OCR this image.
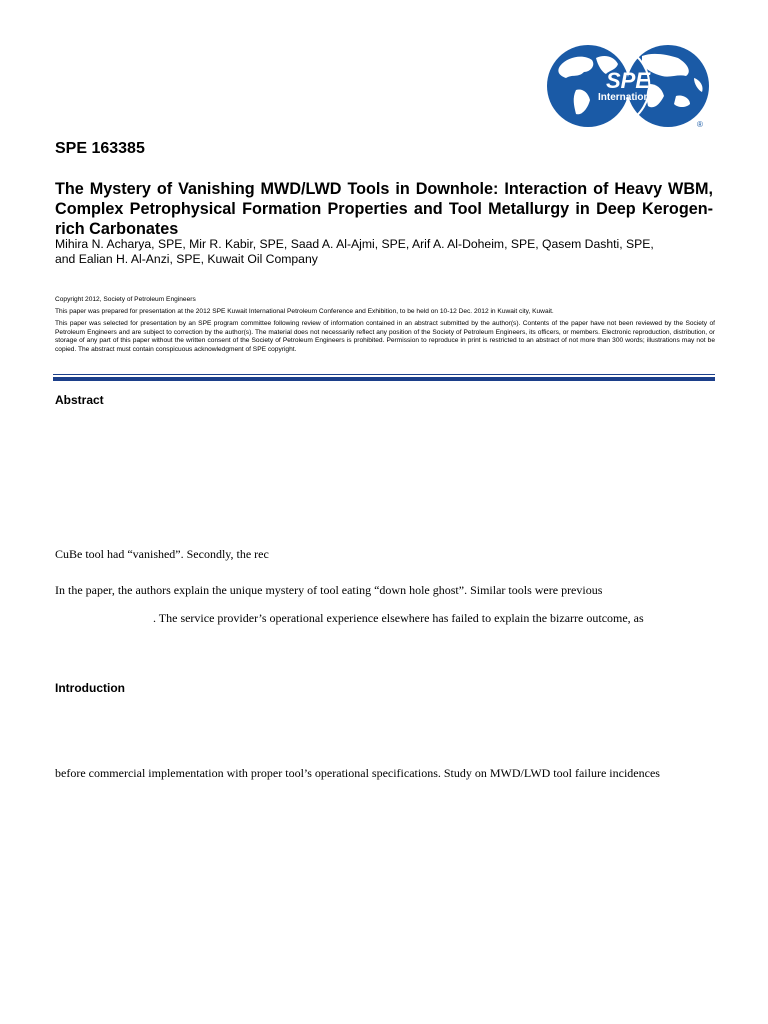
SPE
International
®
SPE 163385
The Mystery of Vanishing MWD/LWD Tools in Downhole: Interaction of Heavy WBM, Complex Petrophysical Formation Properties and Tool Metallurgy in Deep Kerogen-rich Carbonates
Mihira N. Acharya, SPE, Mir R. Kabir, SPE, Saad A. Al-Ajmi, SPE, Arif A. Al-Doheim, SPE, Qasem Dashti, SPE,
and Ealian H. Al-Anzi, SPE, Kuwait Oil Company

Copyright 2012, Society of Petroleum Engineers

This paper was prepared for presentation at the 2012 SPE Kuwait International Petroleum Conference and Exhibition, to be held on 10-12 Dec. 2012 in Kuwait city, Kuwait.

This paper was selected for presentation by an SPE program committee following review of information contained in an abstract submitted by the author(s). Contents of the paper have not been reviewed by the Society of Petroleum Engineers and are subject to correction by the author(s). The material does not necessarily reflect any position of the Society of Petroleum Engineers, its officers, or members. Electronic reproduction, distribution, or storage of any part of this paper without the written consent of the Society of Petroleum Engineers is prohibited. Permission to reproduce in print is restricted to an abstract of not more than 300 words; illustrations may not be copied. The abstract must contain conspicuous acknowledgment of SPE copyright.

Abstract
CuBe tool had “vanished”. Secondly, the rec
In the paper, the authors explain the unique mystery of tool eating “down hole ghost”. Similar tools were previous
. The service provider’s operational experience elsewhere has failed to explain the bizarre outcome, as
Introduction
before commercial implementation with proper tool’s operational specifications. Study on MWD/LWD tool failure incidences
